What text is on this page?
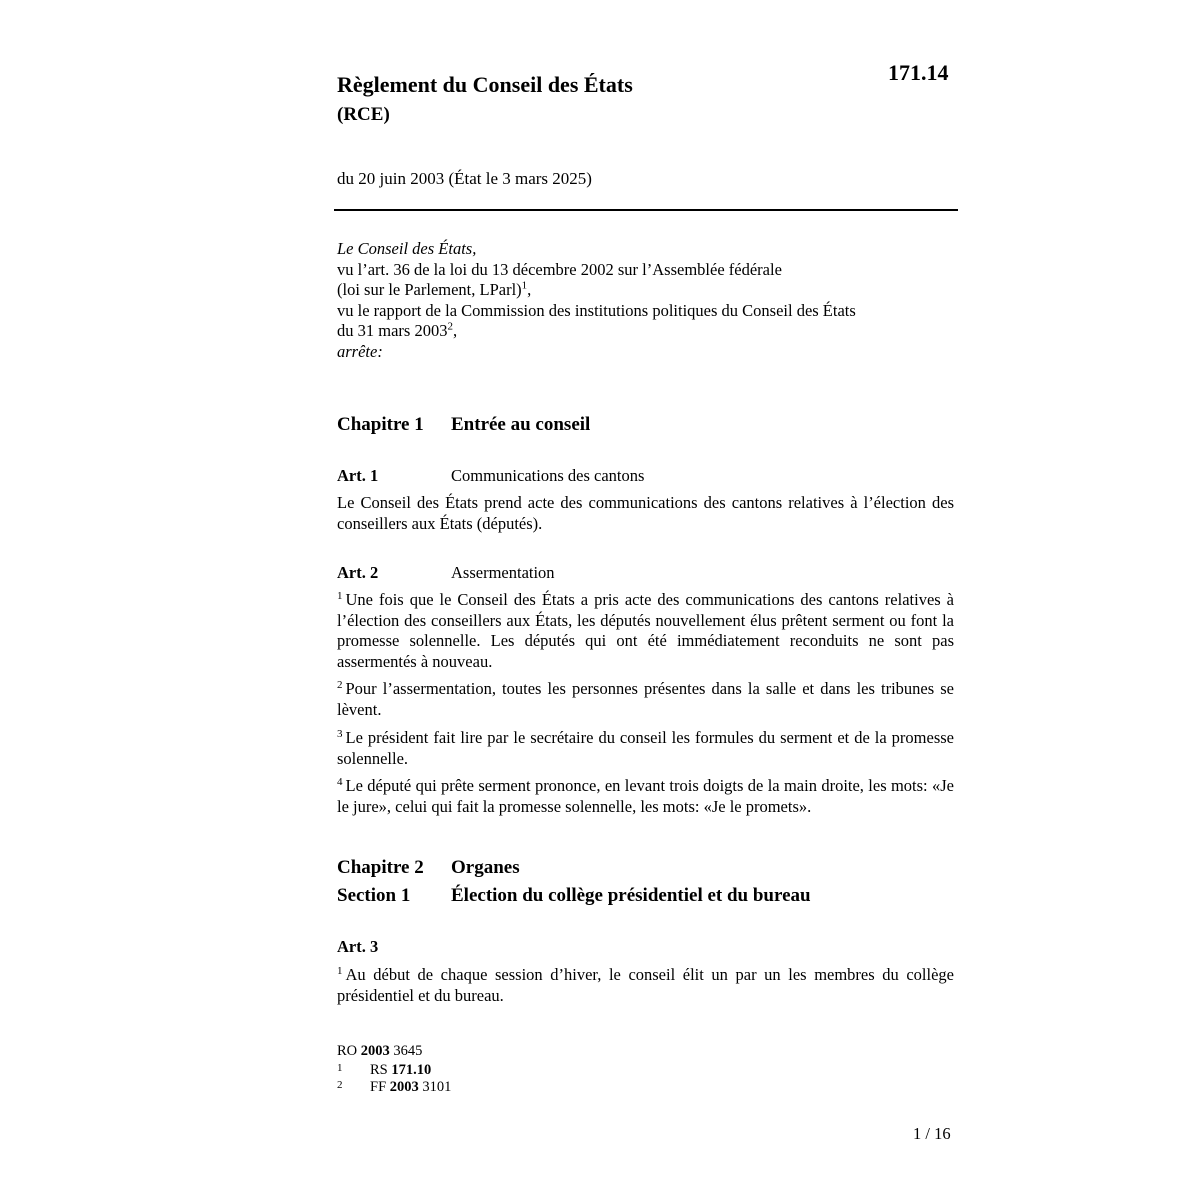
171.14
Règlement du Conseil des États
(RCE)
du 20 juin 2003 (État le 3 mars 2025)
Le Conseil des États,
vu l’art. 36 de la loi du 13 décembre 2002 sur l’Assemblée fédérale
(loi sur le Parlement, LParl)$^1$,
vu le rapport de la Commission des institutions politiques du Conseil des États
du 31 mars 2003$^2$,
arrête:
Chapitre 1 Entrée au conseil
Art. 1	Communications des cantons
Le Conseil des États prend acte des communications des cantons relatives à l’élection des conseillers aux États (députés).
Art. 2	Assermentation
$^1$ Une fois que le Conseil des États a pris acte des communications des cantons relatives à l’élection des conseillers aux États, les députés nouvellement élus prêtent serment ou font la promesse solennelle. Les députés qui ont été immédiatement reconduits ne sont pas assermentés à nouveau.
$^2$ Pour l’assermentation, toutes les personnes présentes dans la salle et dans les tribunes se lèvent.
$^3$ Le président fait lire par le secrétaire du conseil les formules du serment et de la promesse solennelle.
$^4$ Le député qui prête serment prononce, en levant trois doigts de la main droite, les mots: «Je le jure», celui qui fait la promesse solennelle, les mots: «Je le promets».
Chapitre 2 Organes
Section 1 Élection du collège présidentiel et du bureau
Art. 3
$^1$ Au début de chaque session d’hiver, le conseil élit un par un les membres du collège présidentiel et du bureau.
RO 2003 3645
1 RS 171.10
2 FF 2003 3101
1 / 16
